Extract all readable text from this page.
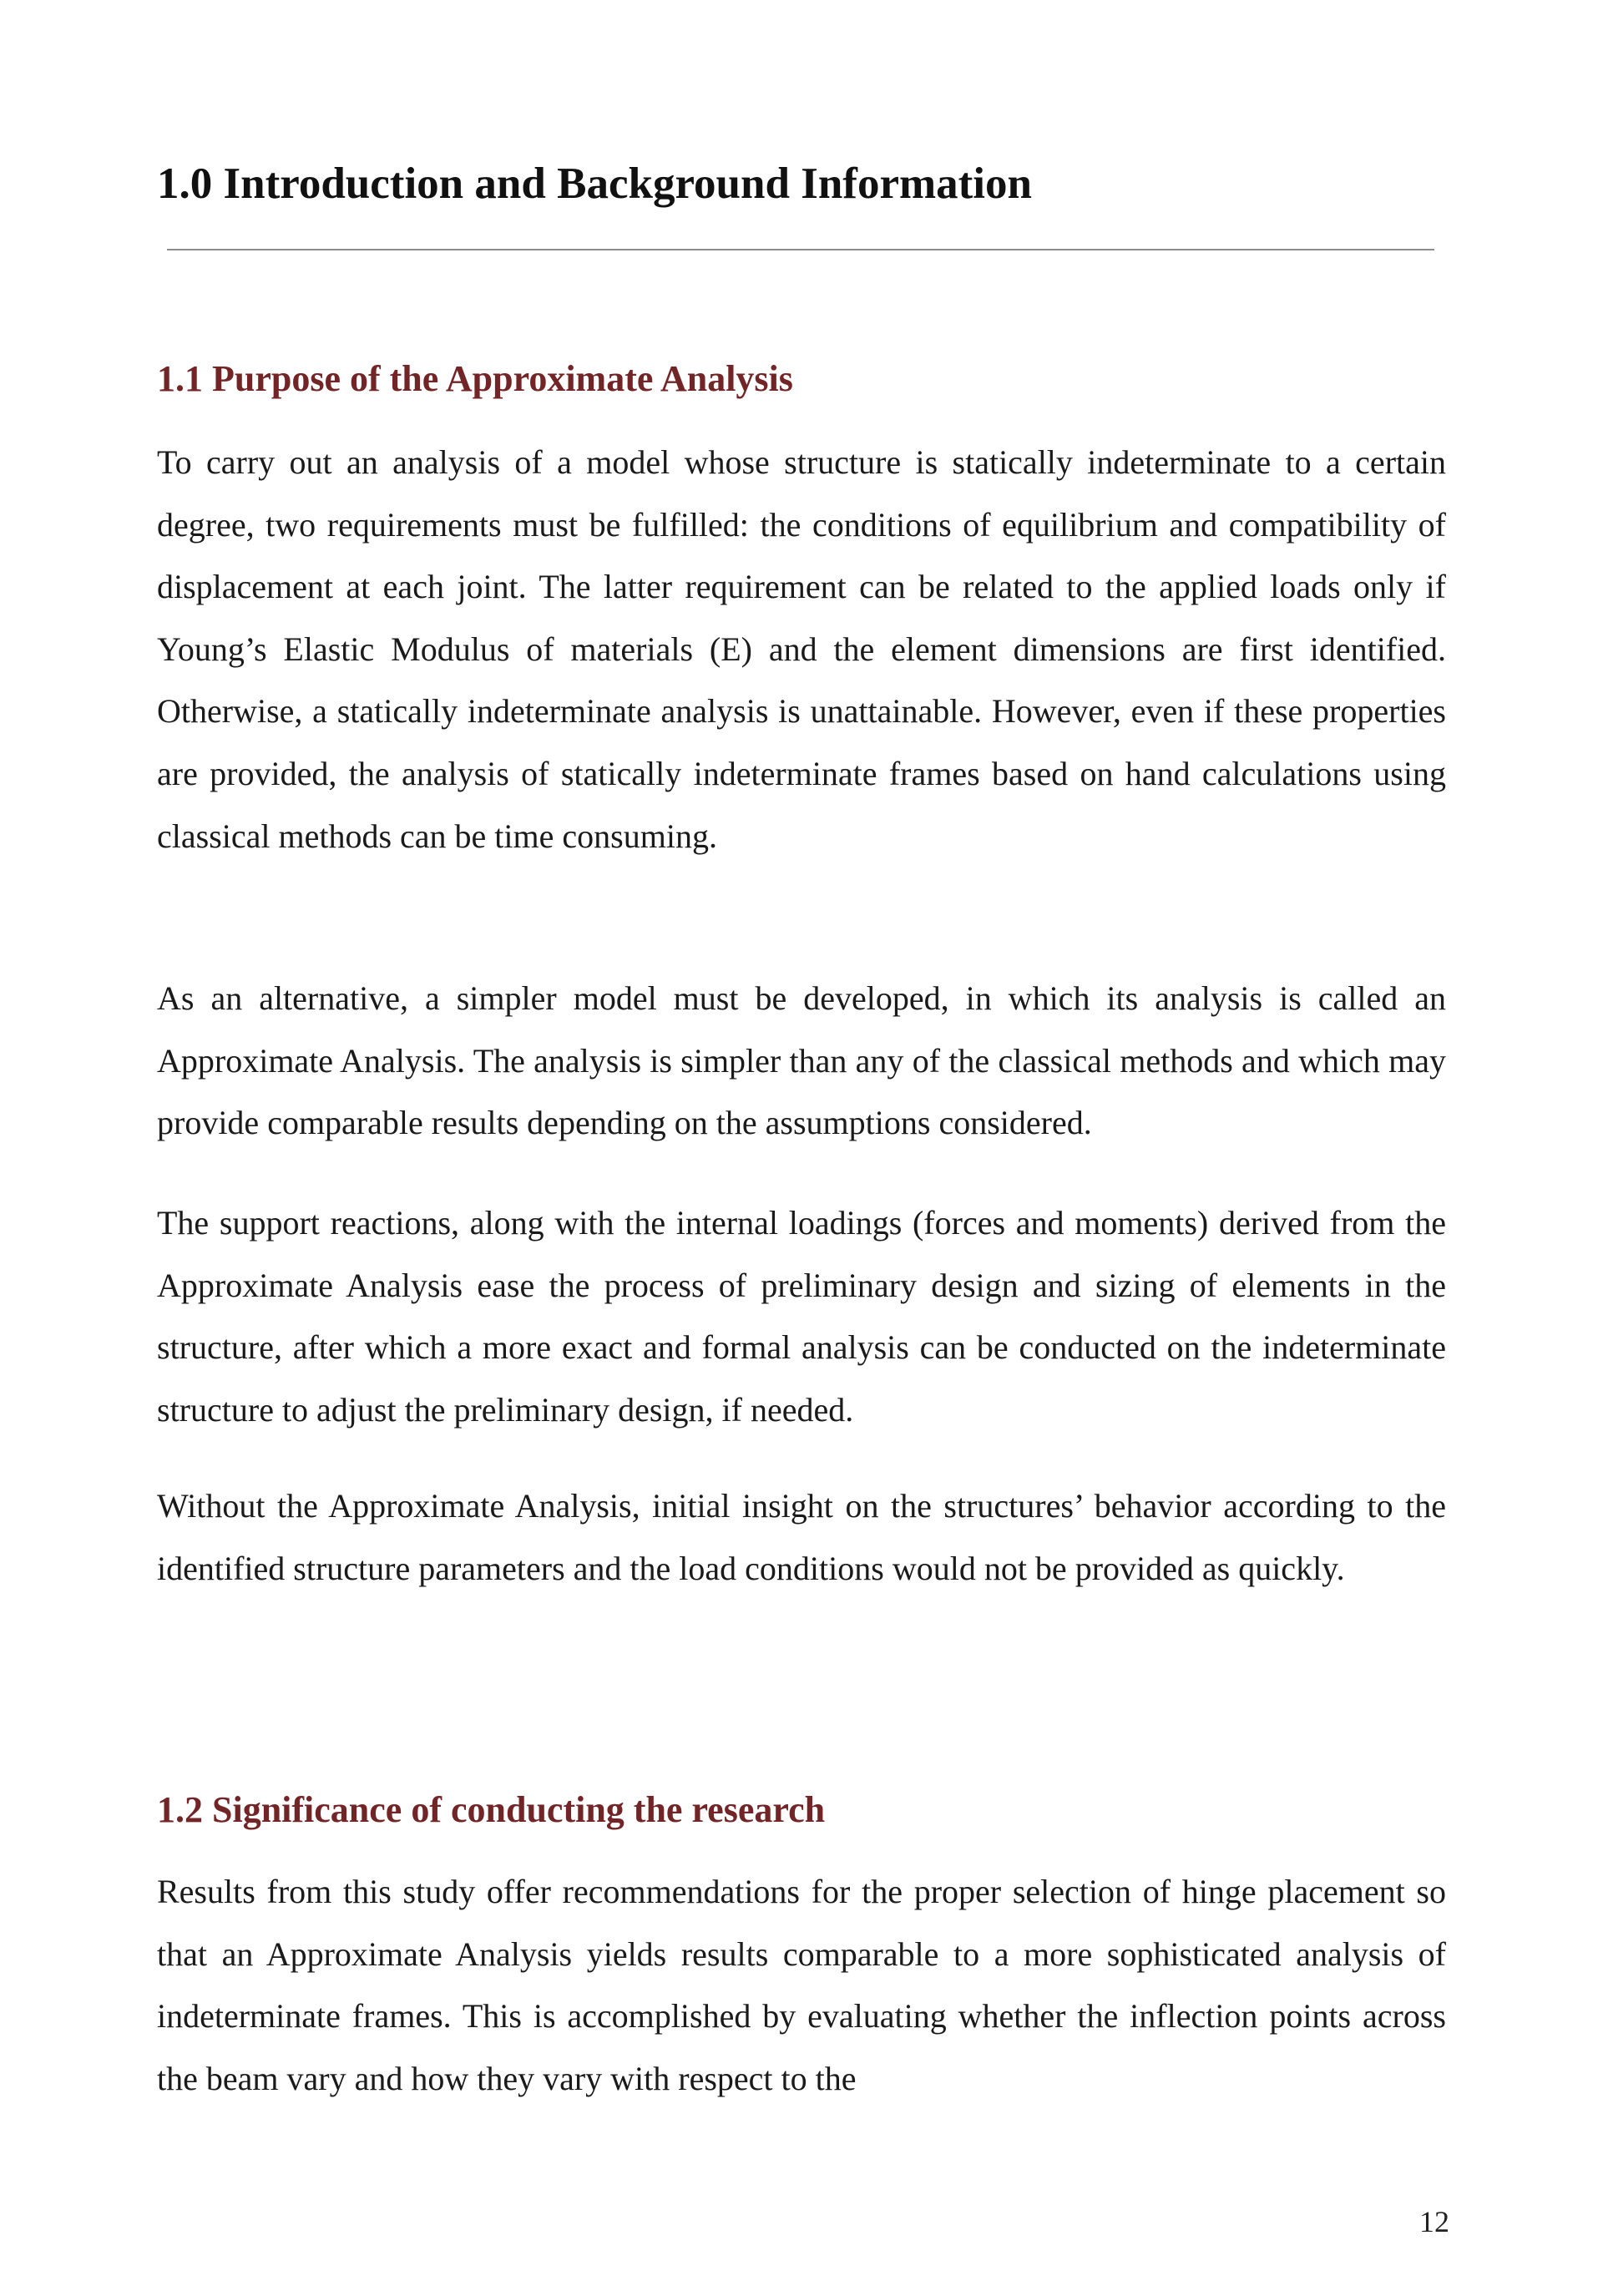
1.0 Introduction and Background Information
1.1 Purpose of the Approximate Analysis

To carry out an analysis of a model whose structure is statically indeterminate to a certain degree, two requirements must be fulfilled: the conditions of equilibrium and compatibility of displacement at each joint. The latter requirement can be related to the applied loads only if Young’s Elastic Modulus of materials (E) and the element dimensions are first identified. Otherwise, a statically indeterminate analysis is unattainable. However, even if these properties are provided, the analysis of statically indeterminate frames based on hand calculations using classical methods can be time consuming.

As an alternative, a simpler model must be developed, in which its analysis is called an Approximate Analysis. The analysis is simpler than any of the classical methods and which may provide comparable results depending on the assumptions considered.

The support reactions, along with the internal loadings (forces and moments) derived from the Approximate Analysis ease the process of preliminary design and sizing of elements in the structure, after which a more exact and formal analysis can be conducted on the indeterminate structure to adjust the preliminary design, if needed.

Without the Approximate Analysis, initial insight on the structures’ behavior according to the identified structure parameters and the load conditions would not be provided as quickly.

1.2 Significance of conducting the research

Results from this study offer recommendations for the proper selection of hinge placement so that an Approximate Analysis yields results comparable to a more sophisticated analysis of indeterminate frames. This is accomplished by evaluating whether the inflection points across the beam vary and how they vary with respect to the

12
